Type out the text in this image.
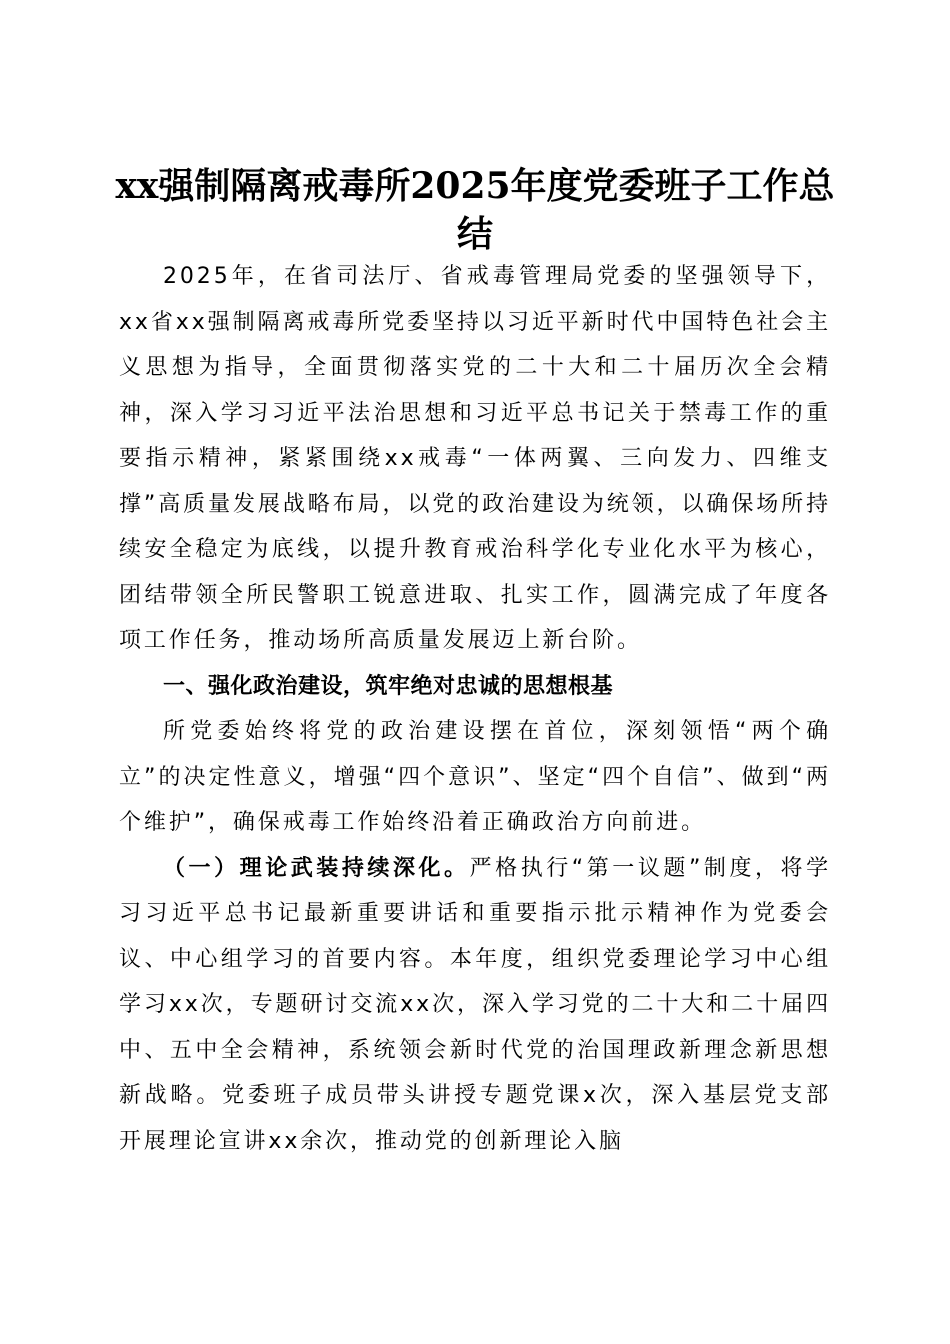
xx强制隔离戒毒所2025年度党委班子工作总结

2025年，在省司法厅、省戒毒管理局党委的坚强领导下，xx省xx强制隔离戒毒所党委坚持以习近平新时代中国特色社会主义思想为指导，全面贯彻落实党的二十大和二十届历次全会精神，深入学习习近平法治思想和习近平总书记关于禁毒工作的重要指示精神，紧紧围绕xx戒毒“一体两翼、三向发力、四维支撑”高质量发展战略布局，以党的政治建设为统领，以确保场所持续安全稳定为底线，以提升教育戒治科学化专业化水平为核心，团结带领全所民警职工锐意进取、扎实工作，圆满完成了年度各项工作任务，推动场所高质量发展迈上新台阶。

一、强化政治建设，筑牢绝对忠诚的思想根基

所党委始终将党的政治建设摆在首位，深刻领悟“两个确立”的决定性意义，增强“四个意识”、坚定“四个自信”、做到“两个维护”，确保戒毒工作始终沿着正确政治方向前进。

（一）理论武装持续深化。严格执行“第一议题”制度，将学习习近平总书记最新重要讲话和重要指示批示精神作为党委会议、中心组学习的首要内容。本年度，组织党委理论学习中心组学习xx次，专题研讨交流xx次，深入学习党的二十大和二十届四中、五中全会精神，系统领会新时代党的治国理政新理念新思想新战略。党委班子成员带头讲授专题党课x次，深入基层党支部开展理论宣讲xx余次，推动党的创新理论入脑
